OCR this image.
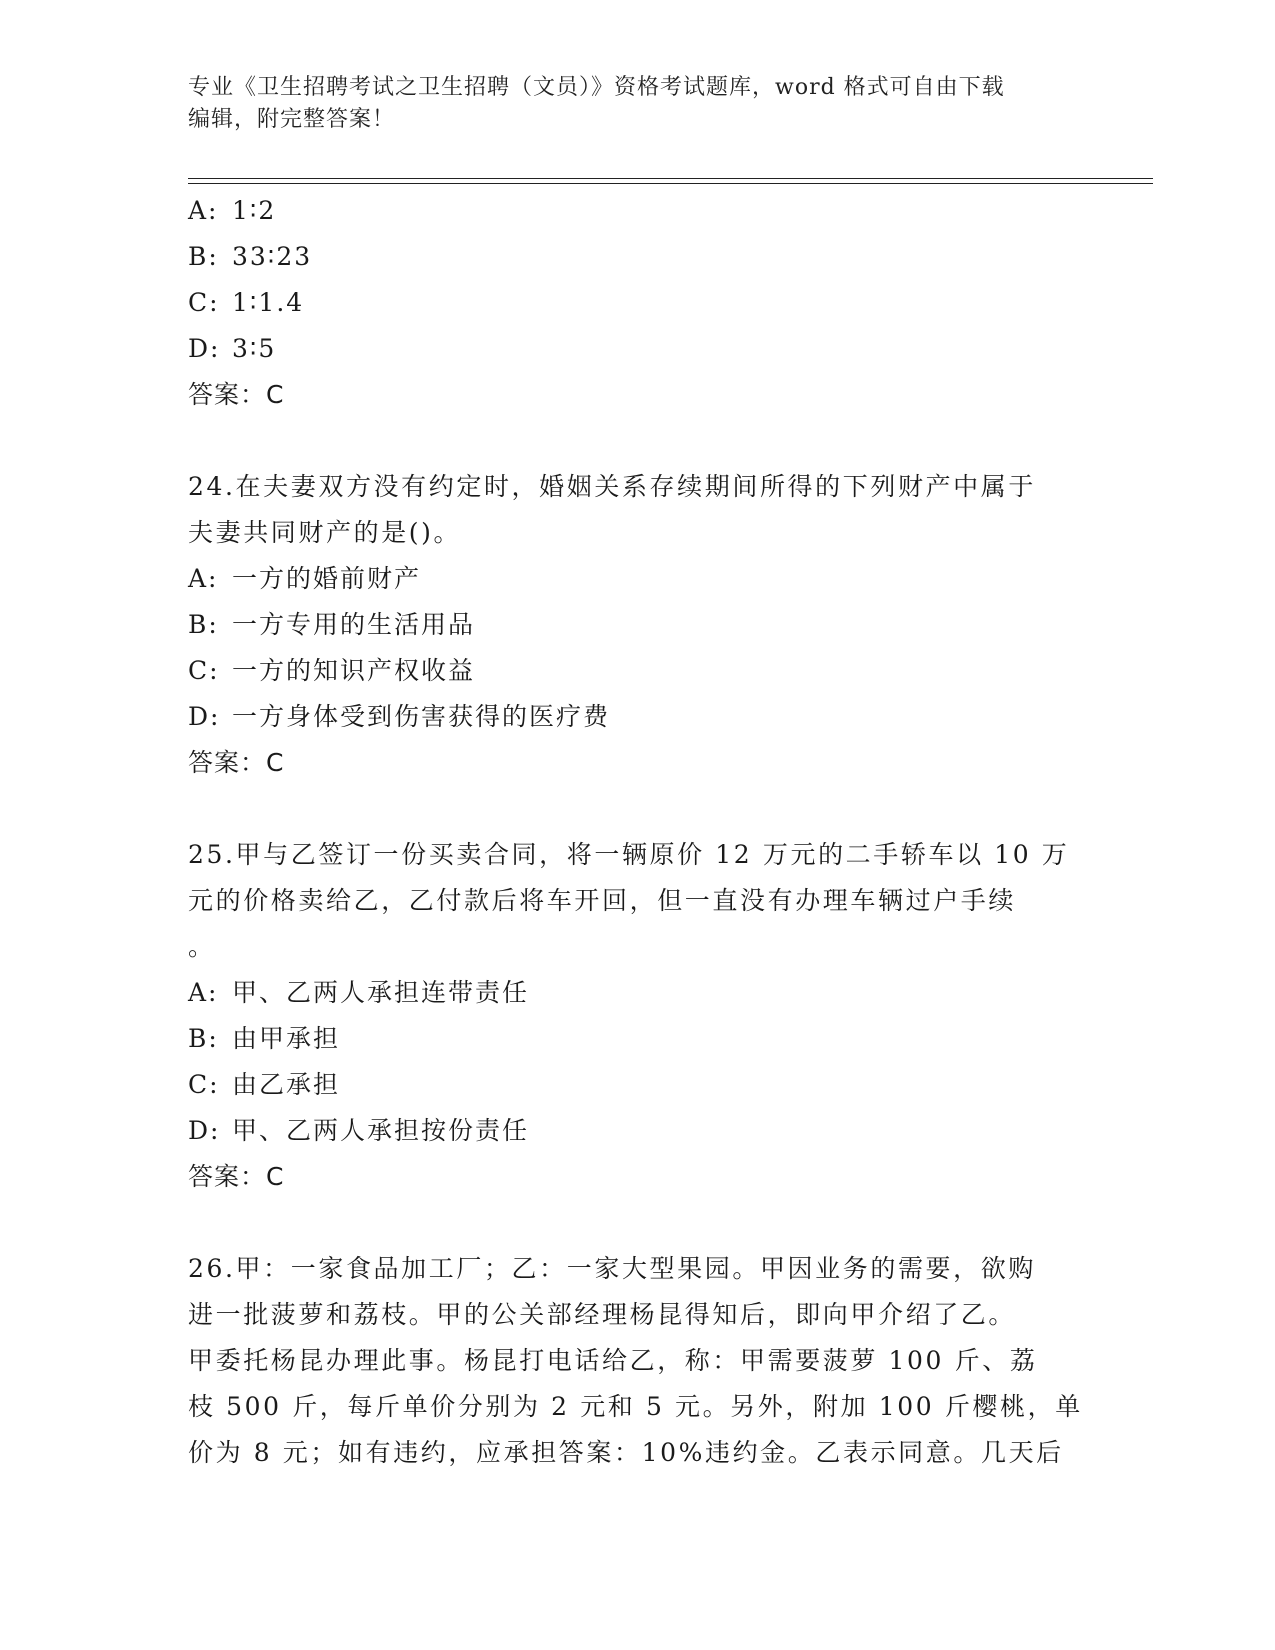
专业《卫生招聘考试之卫生招聘（文员）》资格考试题库，word 格式可自由下载
编辑，附完整答案！
A: 1∶2
B: 33∶23
C: 1∶1.4
D: 3∶5
答案：C
24.在夫妻双方没有约定时，婚姻关系存续期间所得的下列财产中属于
夫妻共同财产的是()。
A: 一方的婚前财产
B: 一方专用的生活用品
C: 一方的知识产权收益
D: 一方身体受到伤害获得的医疗费
答案：C
25.甲与乙签订一份买卖合同，将一辆原价 12 万元的二手轿车以 10 万
元的价格卖给乙，乙付款后将车开回，但一直没有办理车辆过户手续
。
A: 甲、乙两人承担连带责任
B: 由甲承担
C: 由乙承担
D: 甲、乙两人承担按份责任
答案：C
26.甲：一家食品加工厂；乙：一家大型果园。甲因业务的需要，欲购
进一批菠萝和荔枝。甲的公关部经理杨昆得知后，即向甲介绍了乙。
甲委托杨昆办理此事。杨昆打电话给乙，称：甲需要菠萝 100 斤、荔
枝 500 斤，每斤单价分别为 2 元和 5 元。另外，附加 100 斤樱桃，单
价为 8 元；如有违约，应承担答案：10%违约金。乙表示同意。几天后
